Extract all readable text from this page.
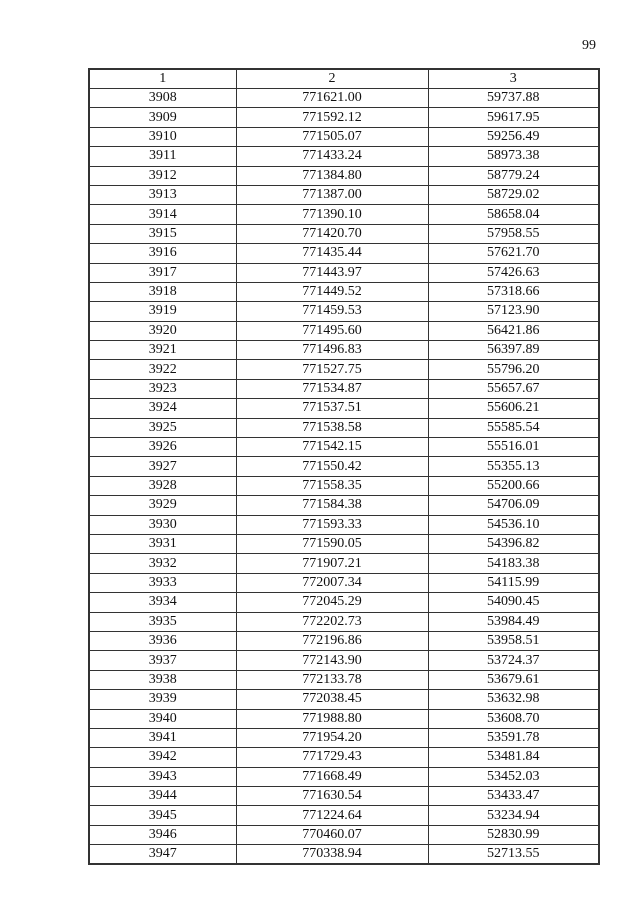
99
1	2	3
3908	771621.00	59737.88
3909	771592.12	59617.95
3910	771505.07	59256.49
3911	771433.24	58973.38
3912	771384.80	58779.24
3913	771387.00	58729.02
3914	771390.10	58658.04
3915	771420.70	57958.55
3916	771435.44	57621.70
3917	771443.97	57426.63
3918	771449.52	57318.66
3919	771459.53	57123.90
3920	771495.60	56421.86
3921	771496.83	56397.89
3922	771527.75	55796.20
3923	771534.87	55657.67
3924	771537.51	55606.21
3925	771538.58	55585.54
3926	771542.15	55516.01
3927	771550.42	55355.13
3928	771558.35	55200.66
3929	771584.38	54706.09
3930	771593.33	54536.10
3931	771590.05	54396.82
3932	771907.21	54183.38
3933	772007.34	54115.99
3934	772045.29	54090.45
3935	772202.73	53984.49
3936	772196.86	53958.51
3937	772143.90	53724.37
3938	772133.78	53679.61
3939	772038.45	53632.98
3940	771988.80	53608.70
3941	771954.20	53591.78
3942	771729.43	53481.84
3943	771668.49	53452.03
3944	771630.54	53433.47
3945	771224.64	53234.94
3946	770460.07	52830.99
3947	770338.94	52713.55
